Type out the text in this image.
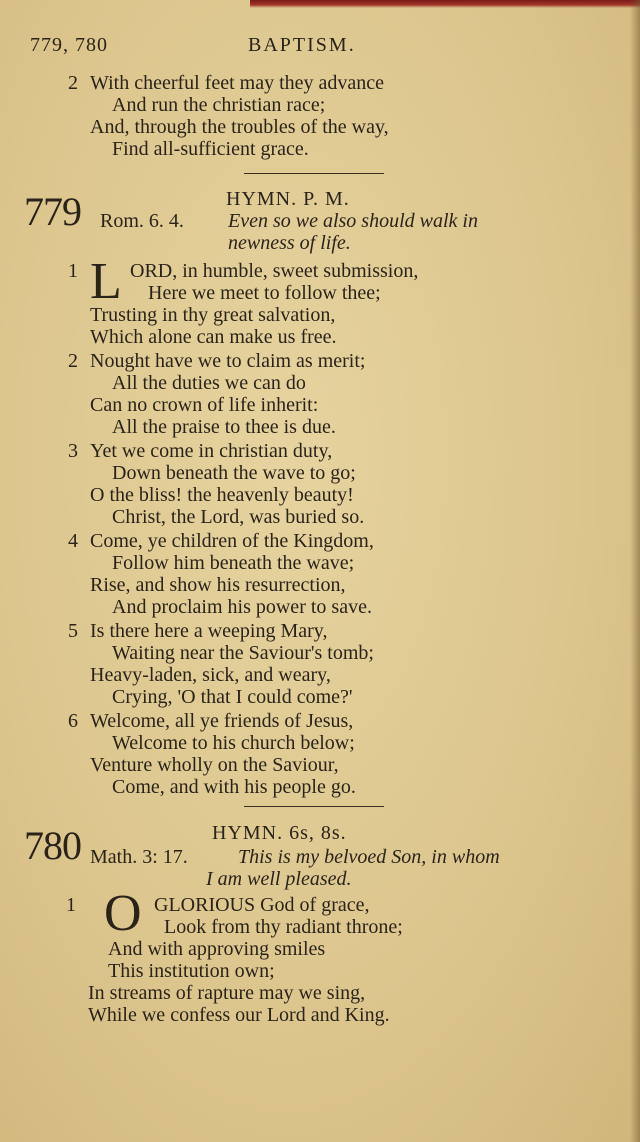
779, 780	BAPTISM.
2 With cheerful feet may they advance
And run the christian race;
And, through the troubles of the way,
Find all-sufficient grace.
779	HYMN. P. M.
Rom. 6. 4. Even so we also should walk in
newness of life.
1 L ORD, in humble, sweet submission,
Here we meet to follow thee;
Trusting in thy great salvation,
Which alone can make us free.
2 Nought have we to claim as merit;
All the duties we can do
Can no crown of life inherit:
All the praise to thee is due.
3 Yet we come in christian duty,
Down beneath the wave to go;
O the bliss! the heavenly beauty!
Christ, the Lord, was buried so.
4 Come, ye children of the Kingdom,
Follow him beneath the wave;
Rise, and show his resurrection,
And proclaim his power to save.
5 Is there here a weeping Mary,
Waiting near the Saviour's tomb;
Heavy-laden, sick, and weary,
Crying, 'O that I could come?'
6 Welcome, all ye friends of Jesus,
Welcome to his church below;
Venture wholly on the Saviour,
Come, and with his people go.
780	HYMN. 6s, 8s.
Math. 3: 17.	This is my belvoed Son, in whom
I am well pleased.
1 O GLORIOUS God of grace,
Look from thy radiant throne;
And with approving smiles
This institution own;
In streams of rapture may we sing,
While we confess our Lord and King.
